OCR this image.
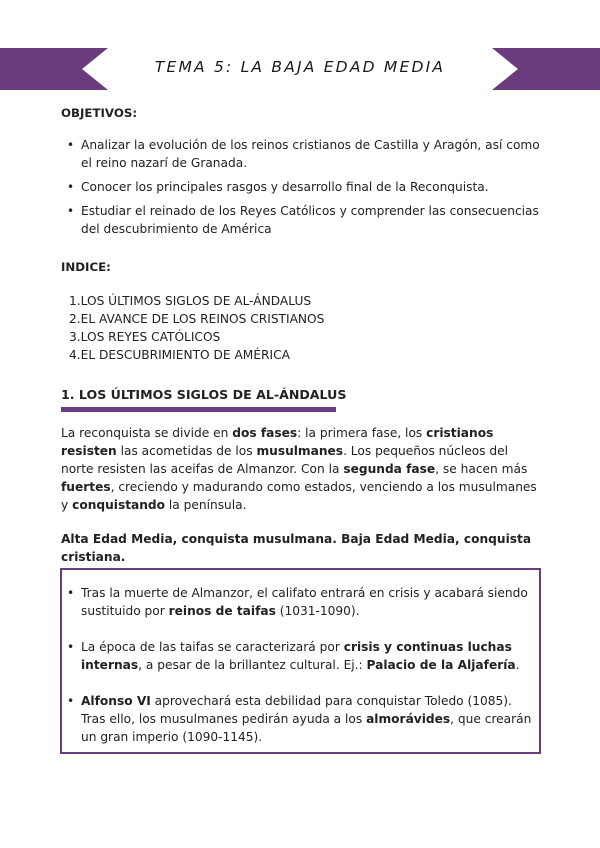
TEMA 5: LA BAJA EDAD MEDIA

OBJETIVOS:

• Analizar la evolución de los reinos cristianos de Castilla y Aragón, así como el reino nazarí de Granada.
• Conocer los principales rasgos y desarrollo final de la Reconquista.
• Estudiar el reinado de los Reyes Católicos y comprender las consecuencias del descubrimiento de América

INDICE:

1.LOS ÚLTIMOS SIGLOS DE AL-ÁNDALUS
2.EL AVANCE DE LOS REINOS CRISTIANOS
3.LOS REYES CATÓLICOS
4.EL DESCUBRIMIENTO DE AMÉRICA
1. LOS ÚLTIMOS SIGLOS DE AL-ÁNDALUS

La reconquista se divide en dos fases: la primera fase, los cristianos resisten las acometidas de los musulmanes. Los pequeños núcleos del norte resisten las aceifas de Almanzor. Con la segunda fase, se hacen más fuertes, creciendo y madurando como estados, venciendo a los musulmanes y conquistando la península.

Alta Edad Media, conquista musulmana. Baja Edad Media, conquista cristiana.

• Tras la muerte de Almanzor, el califato entrará en crisis y acabará siendo sustituido por reinos de taifas (1031-1090).
• La época de las taifas se caracterizará por crisis y continuas luchas internas, a pesar de la brillantez cultural. Ej.: Palacio de la Aljafería.
• Alfonso VI aprovechará esta debilidad para conquistar Toledo (1085). Tras ello, los musulmanes pedirán ayuda a los almorávides, que crearán un gran imperio (1090-1145).
